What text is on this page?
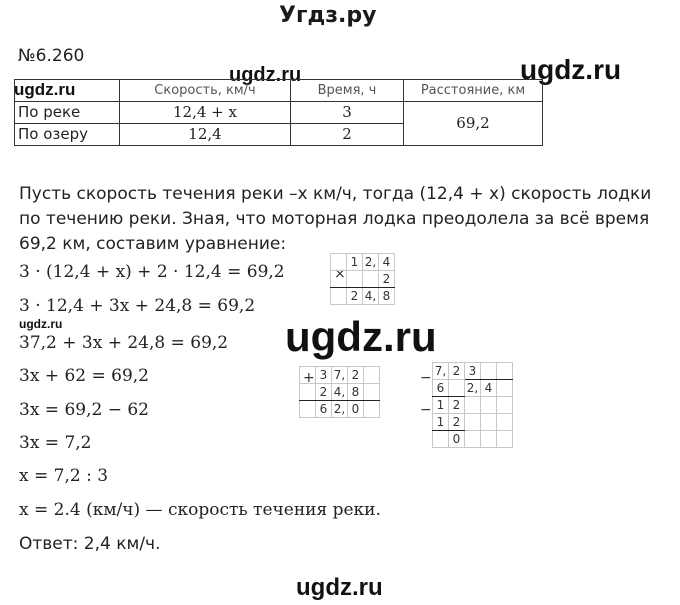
Угдз.ру
№6.260
ugdz.ru
ugdz.ru	ugdz.ru
	Скорость, км/ч	Время, ч	Расстояние, км
По реке	12,4 + x	3	69,2
По озеру	12,4	2	
Пусть скорость течения реки –x км/ч, тогда (12,4 + x) скорость лодки по течению реки. Зная, что моторная лодка преодолела за всё время 69,2 км, составим уравнение:
3 · (12,4 + x) + 2 · 12,4 = 69,2
3 · 12,4 + 3x + 24,8 = 69,2
ugdz.ru
37,2 + 3x + 24,8 = 69,2
3x + 62 = 69,2
3x = 69,2 − 62
3x = 7,2
x = 7,2 : 3
x = 2.4 (км/ч) — скорость течения реки.
Ответ: 2,4 км/ч.
ugdz.ru
×
	1	2,	4
			2
	2	4,	8
+
	3	7,	2	
	2	4,	8	
	6	2,	0	
−
−
7,	2	3		
6		2,	4	
1	2			
1	2			
	0			
ugdz.ru
